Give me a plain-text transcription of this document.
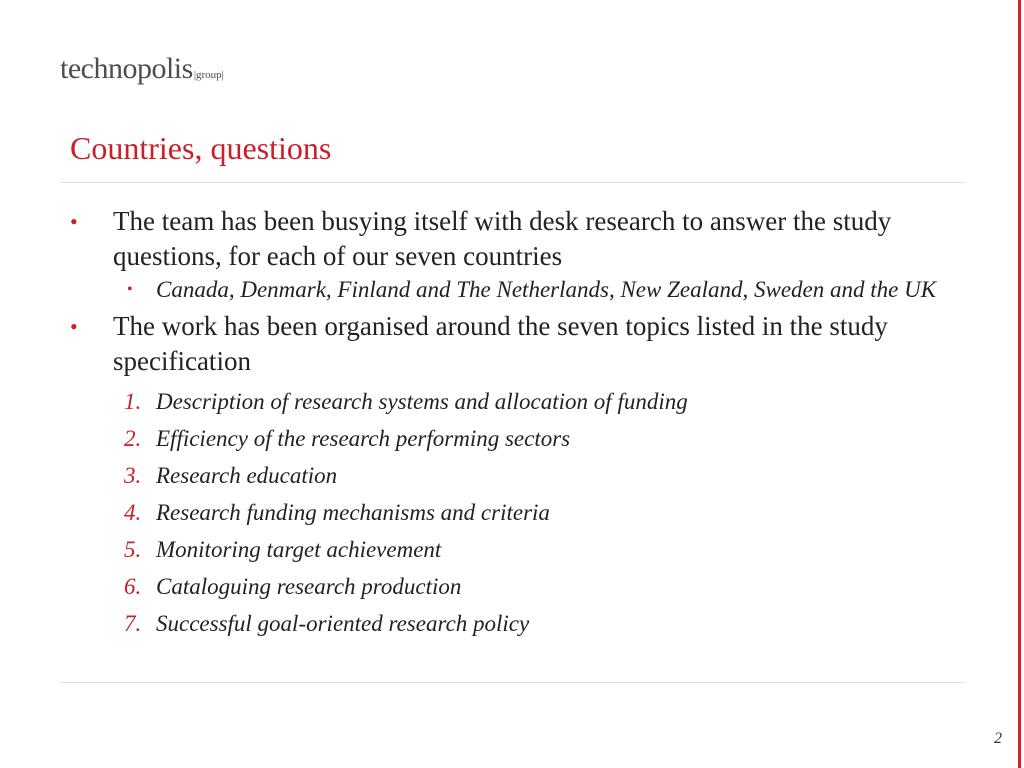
technopolis|group|
Countries, questions
• The team has been busying itself with desk research to answer the study questions, for each of our seven countries
• Canada, Denmark, Finland and The Netherlands, New Zealand, Sweden and the UK
• The work has been organised around the seven topics listed in the study specification
1. Description of research systems and allocation of funding
2. Efficiency of the research performing sectors
3. Research education
4. Research funding mechanisms and criteria
5. Monitoring target achievement
6. Cataloguing research production
7. Successful goal-oriented research policy
2
